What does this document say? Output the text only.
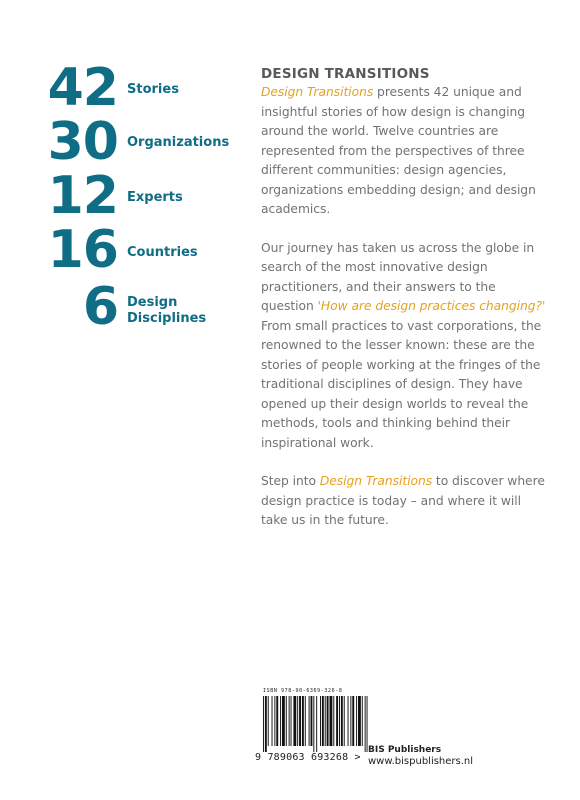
42 Stories
30 Organizations
12 Experts
16 Countries
6 Design
Disciplines
DESIGN TRANSITIONS

Design Transitions presents 42 unique and insightful stories of how design is changing around the world. Twelve countries are represented from the perspectives of three different communities: design agencies, organizations embedding design; and design academics.

Our journey has taken us across the globe in search of the most innovative design practitioners, and their answers to the question 'How are design practices changing?' From small practices to vast corporations, the renowned to the lesser known: these are the stories of people working at the fringes of the traditional disciplines of design. They have opened up their design worlds to reveal the methods, tools and thinking behind their inspirational work.

Step into Design Transitions to discover where design practice is today – and where it will take us in the future.

ISBN 978-90-6369-326-8
9 789063 693268 >
BIS Publishers
www.bispublishers.nl
